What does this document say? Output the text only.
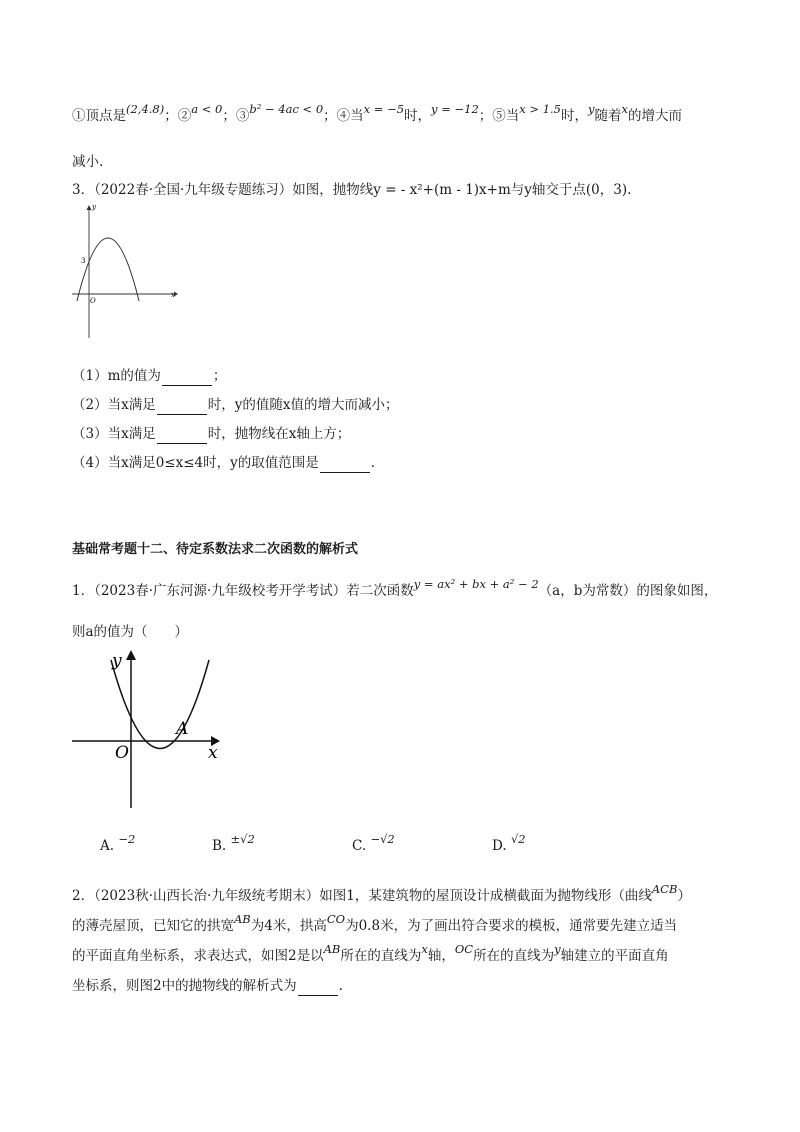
①顶点是(2,4.8)；②a < 0；③b² − 4ac < 0；④当x = −5时，y = −12；⑤当x > 1.5时，y随着x的增大而
减小.
3．（2022春·全国·九年级专题练习）如图，抛物线y = - x²+(m - 1)x+m与y轴交于点(0，3).
y
x
O
3
（1）m的值为	；
（2）当x满足	时，y的值随x值的增大而减小；
（3）当x满足	时，抛物线在x轴上方；
（4）当x满足0≤x≤4时，y的取值范围是	.
基础常考题十二、待定系数法求二次函数的解析式
1．（2023春·广东河源·九年级校考开学考试）若二次函数y = ax² + bx + a² − 2（a，b为常数）的图象如图，
则a的值为（　　）
y
x
O
A
A. −2	B. ±√2	C. −√2	D. √2
2．（2023秋·山西长治·九年级统考期末）如图1，某建筑物的屋顶设计成横截面为抛物线形（曲线ACB）
的薄壳屋顶，已知它的拱宽AB为4米，拱高CO为0.8米，为了画出符合要求的模板，通常要先建立适当
的平面直角坐标系，求表达式，如图2是以AB所在的直线为x轴，OC所在的直线为y轴建立的平面直角
坐标系，则图2中的抛物线的解析式为	.
